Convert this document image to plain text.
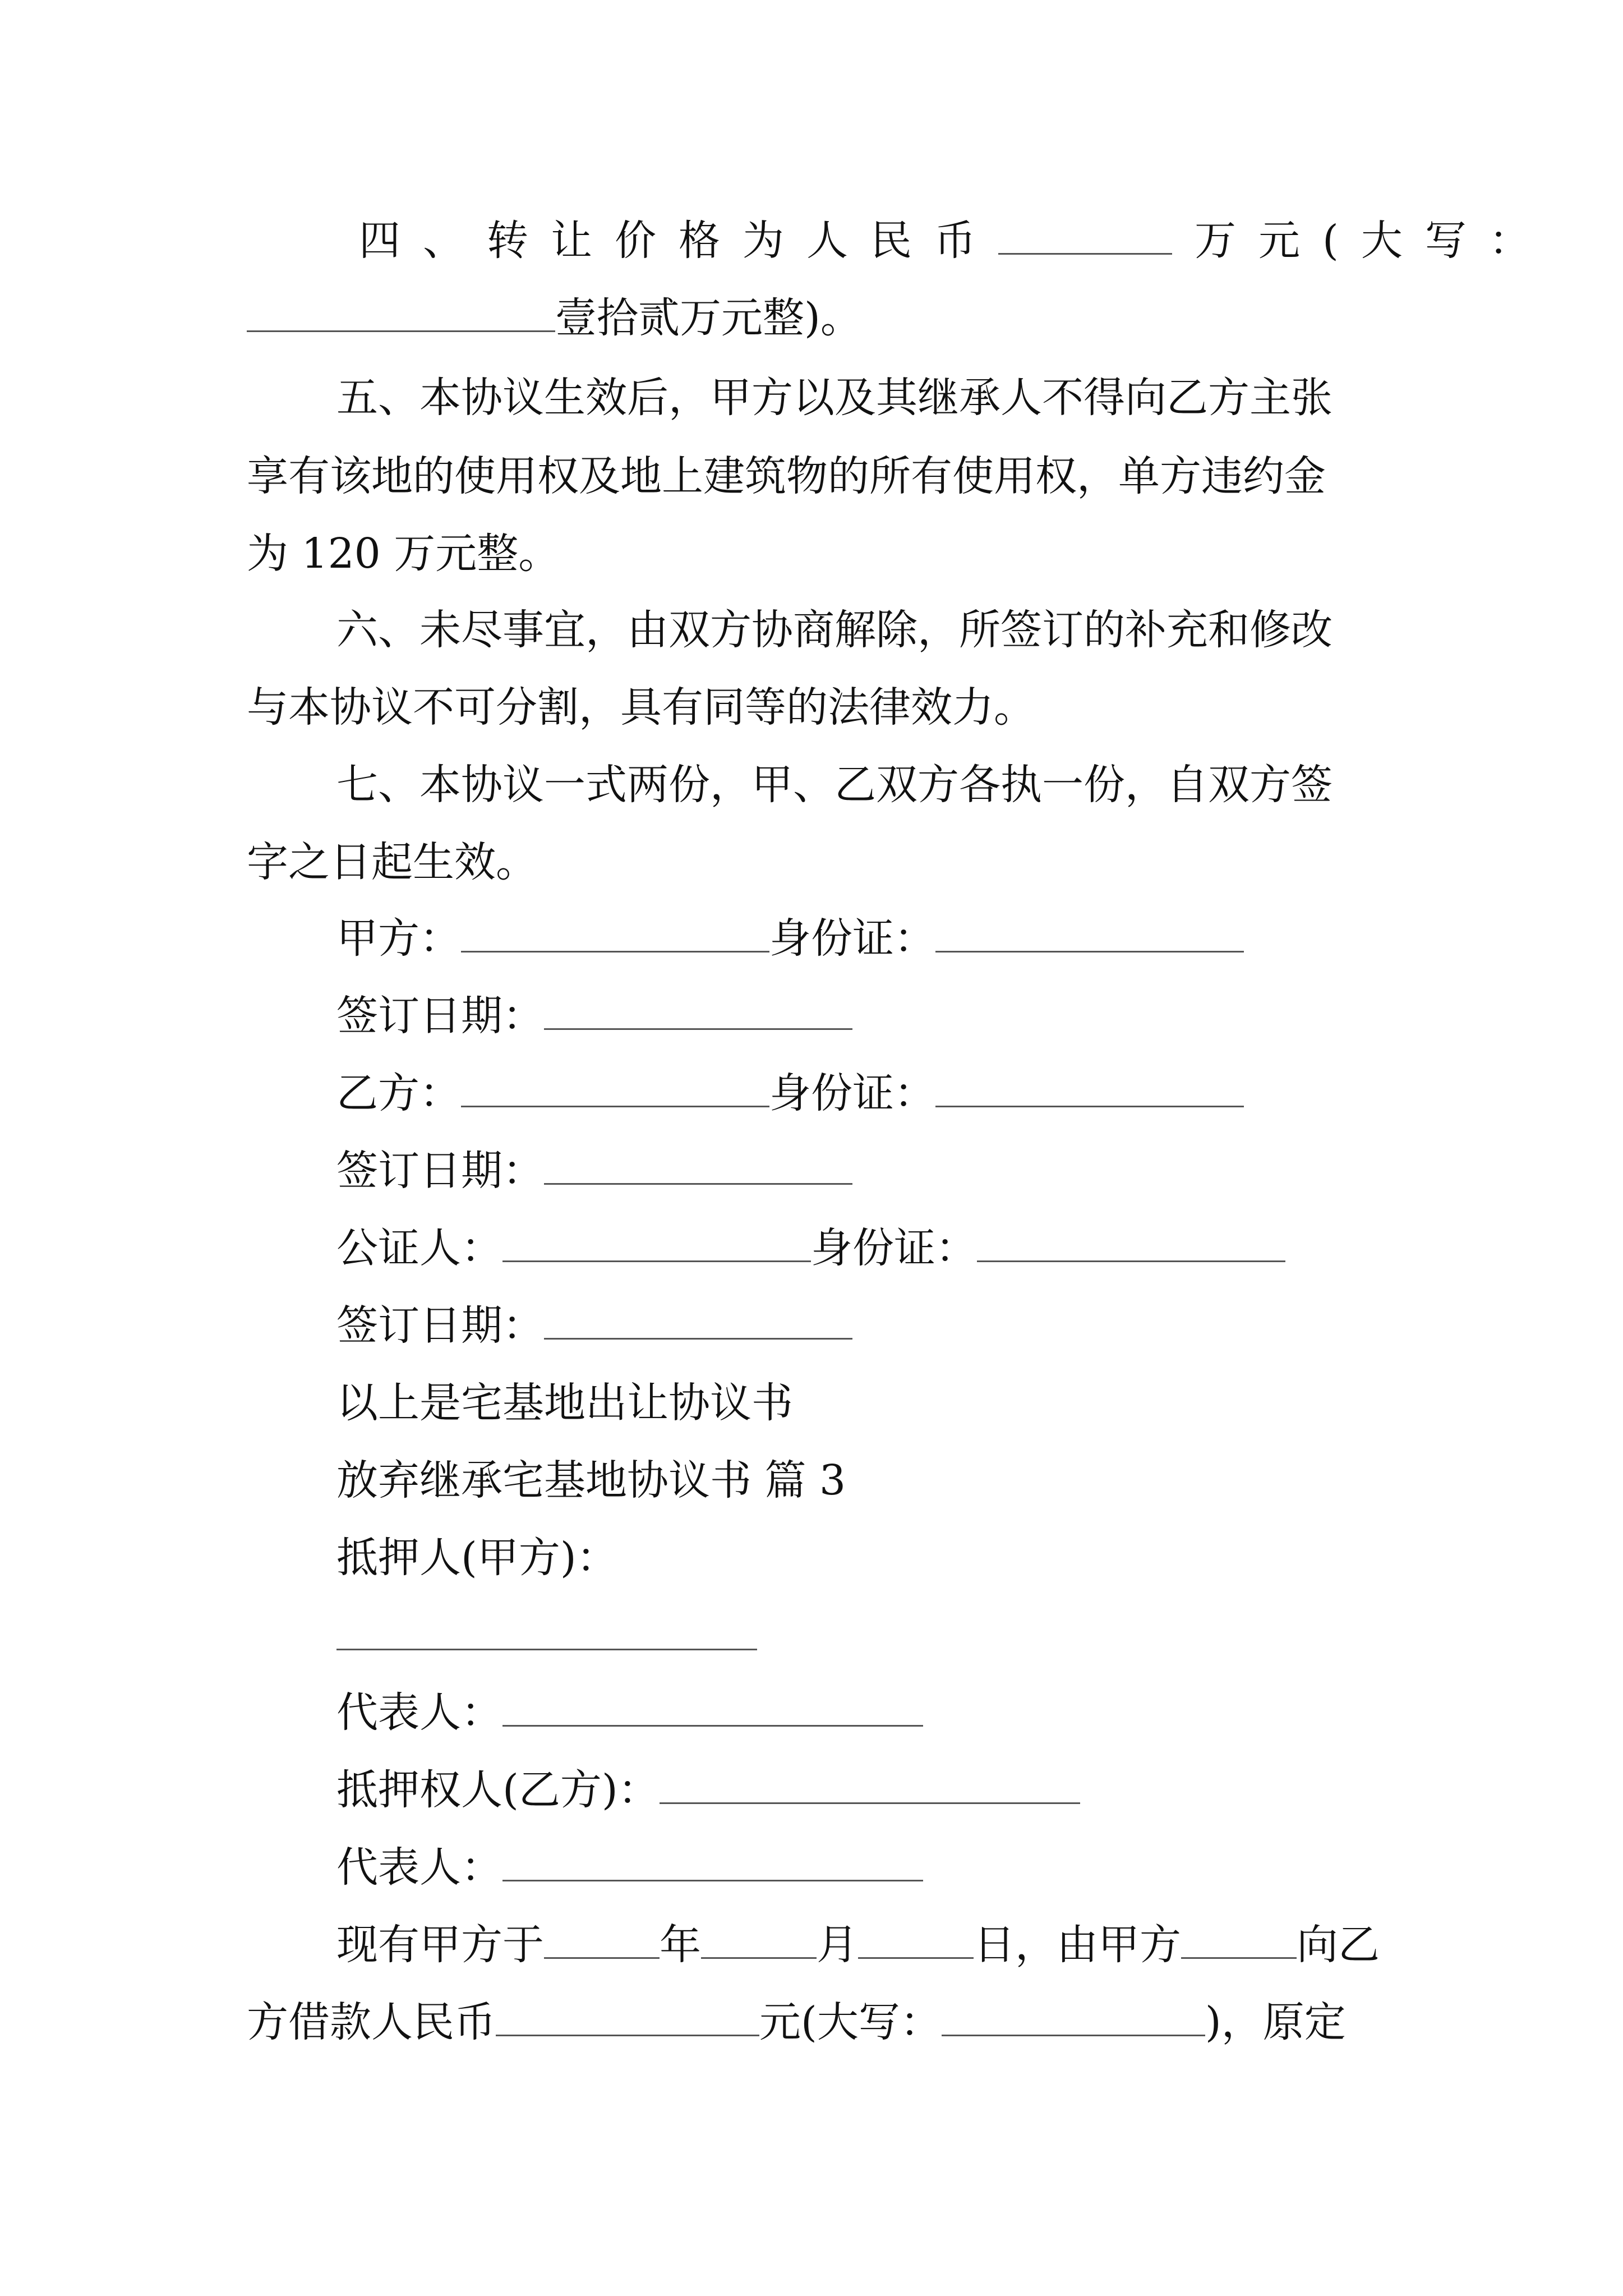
四、转让价格为人民币	万元(大写：
壹拾贰万元整)。
五、本协议生效后，甲方以及其继承人不得向乙方主张
享有该地的使用权及地上建筑物的所有使用权，单方违约金
为 120 万元整。
六、未尽事宜，由双方协商解除，所签订的补充和修改
与本协议不可分割，具有同等的法律效力。
七、本协议一式两份，甲、乙双方各执一份，自双方签
字之日起生效。
甲方：	身份证：
签订日期：
乙方：	身份证：
签订日期：
公证人：	身份证：
签订日期：
以上是宅基地出让协议书
放弃继承宅基地协议书 篇 3
抵押人(甲方)：
代表人：
抵押权人(乙方)：
代表人：
现有甲方于	年	月	日，由甲方	向乙
方借款人民币	元(大写：	)，原定
